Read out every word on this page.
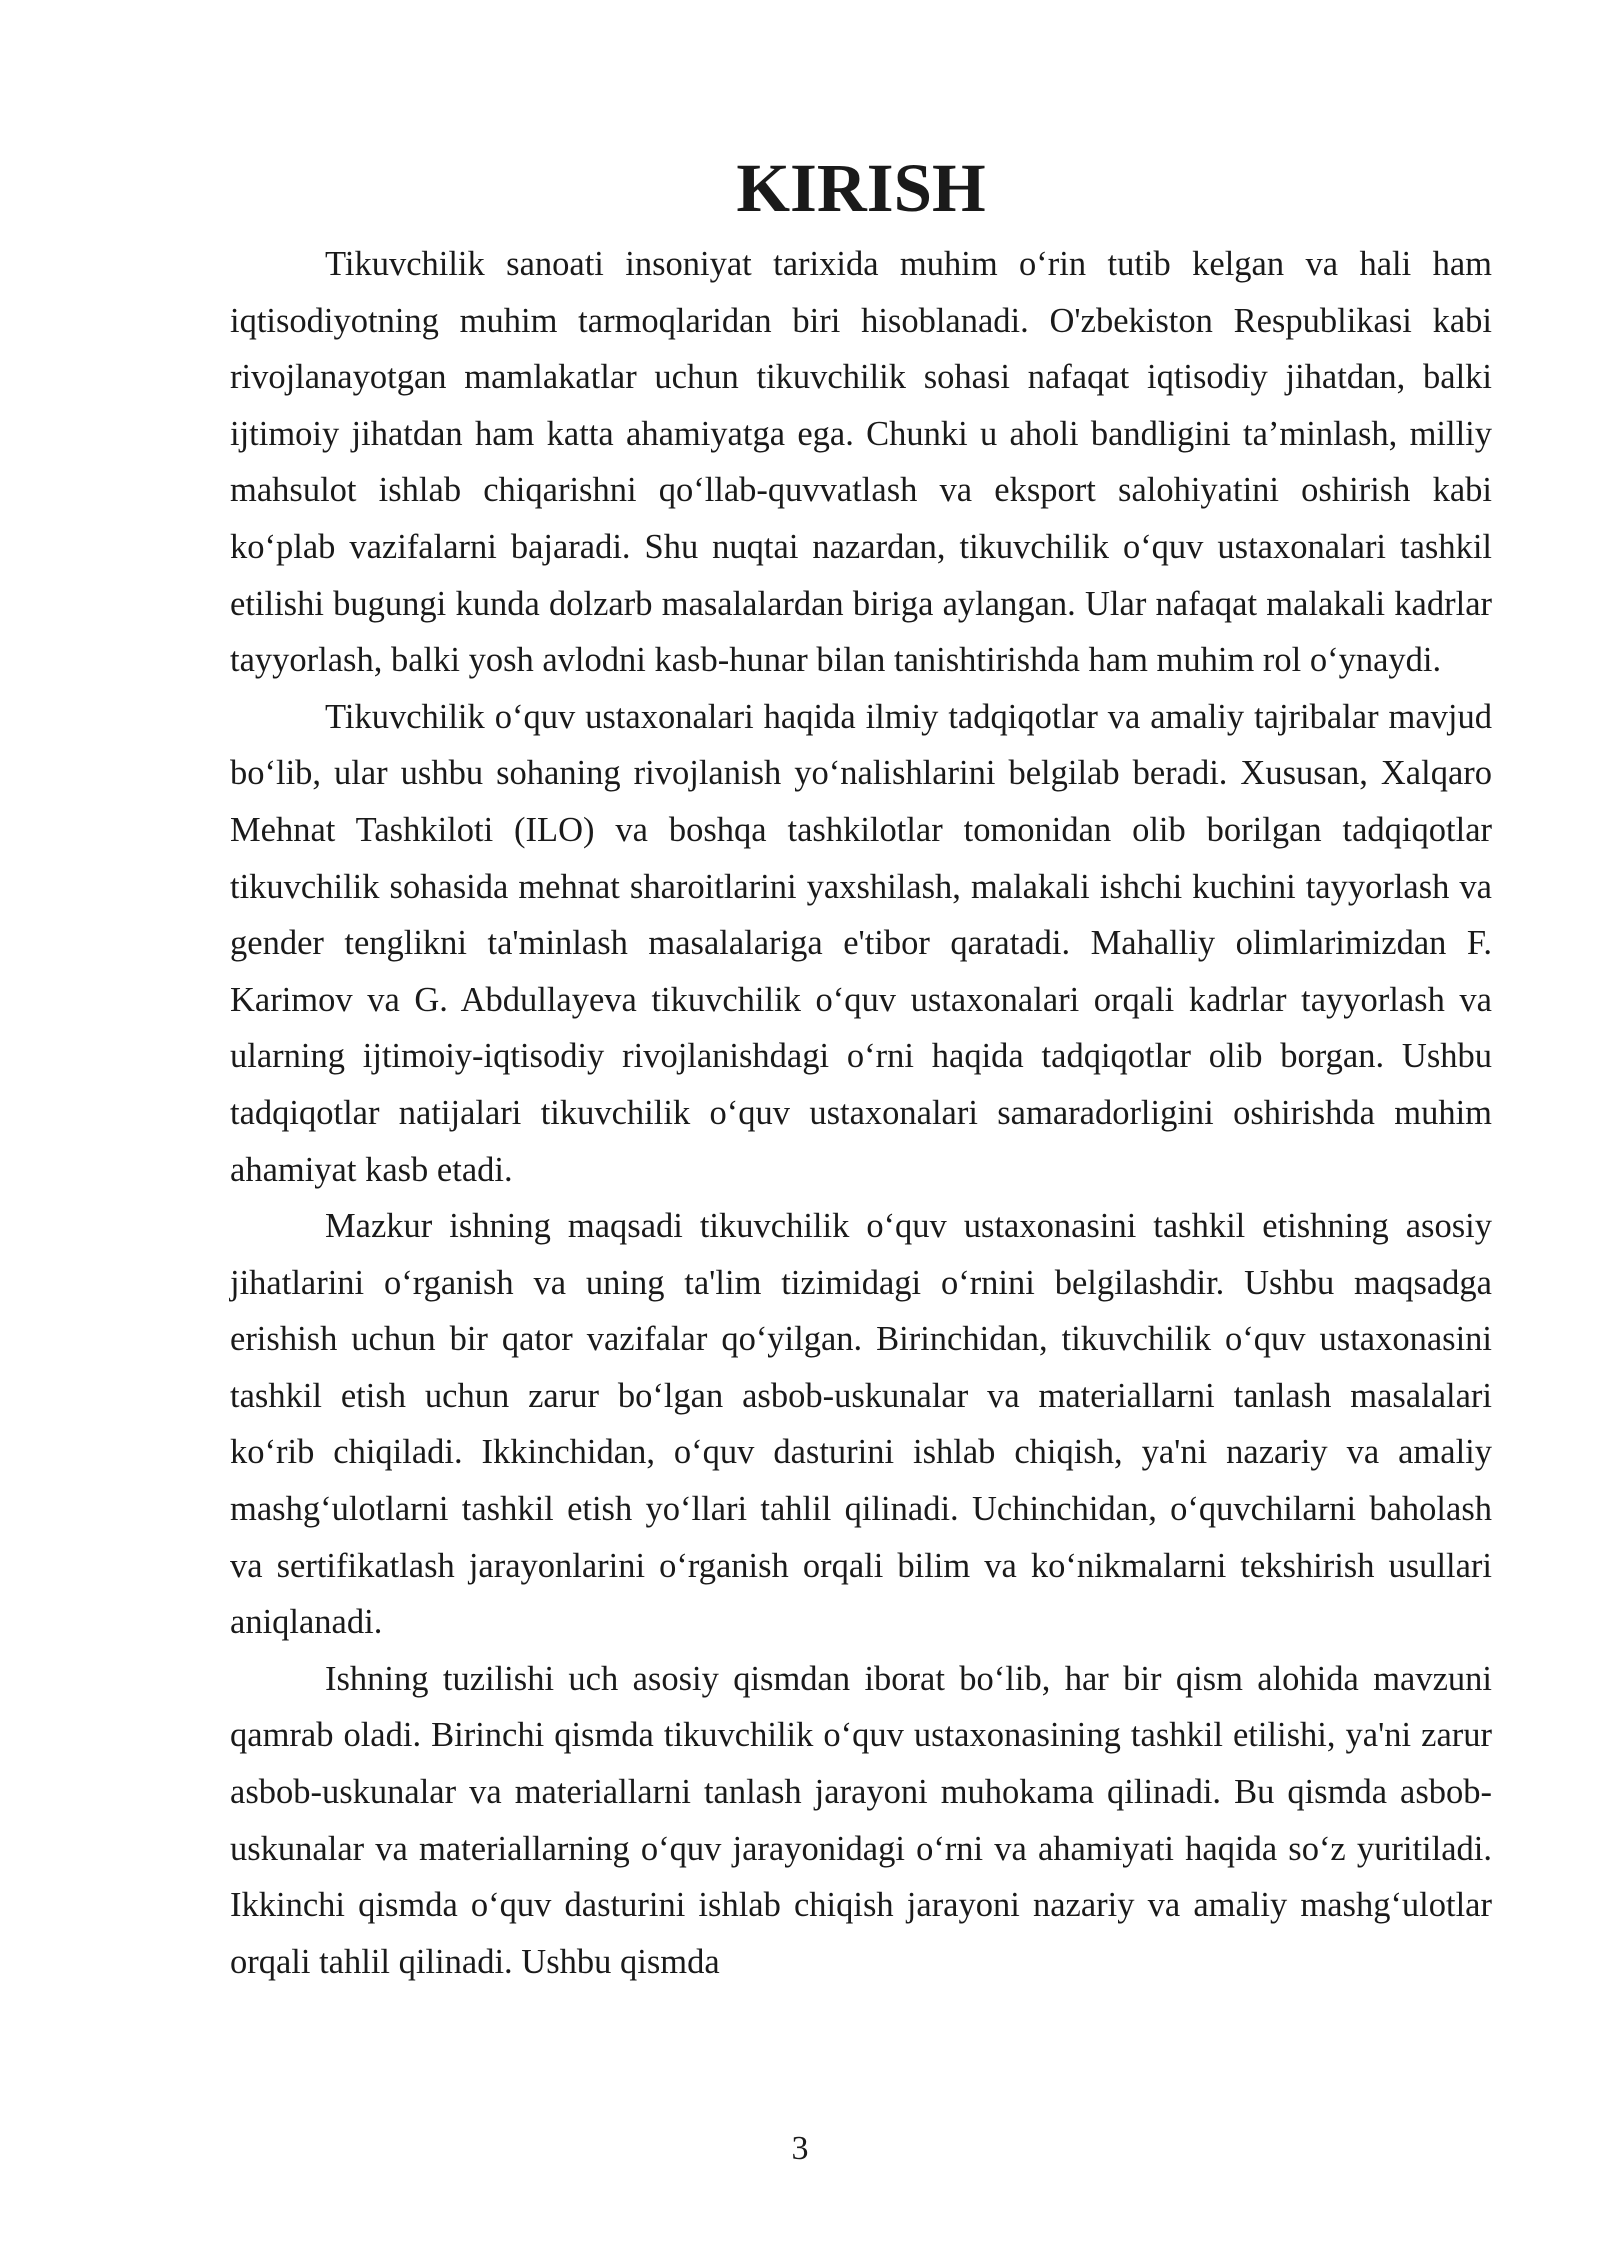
KIRISH

Tikuvchilik sanoati insoniyat tarixida muhim o‘rin tutib kelgan va hali ham iqtisodiyotning muhim tarmoqlaridan biri hisoblanadi. O'zbekiston Respublikasi kabi rivojlanayotgan mamlakatlar uchun tikuvchilik sohasi nafaqat iqtisodiy jihatdan, balki ijtimoiy jihatdan ham katta ahamiyatga ega. Chunki u aholi bandligini ta’minlash, milliy mahsulot ishlab chiqarishni qo‘llab-quvvatlash va eksport salohiyatini oshirish kabi ko‘plab vazifalarni bajaradi. Shu nuqtai nazardan, tikuvchilik o‘quv ustaxonalari tashkil etilishi bugungi kunda dolzarb masalalardan biriga aylangan. Ular nafaqat malakali kadrlar tayyorlash, balki yosh avlodni kasb-hunar bilan tanishtirishda ham muhim rol o‘ynaydi.

Tikuvchilik o‘quv ustaxonalari haqida ilmiy tadqiqotlar va amaliy tajribalar mavjud bo‘lib, ular ushbu sohaning rivojlanish yo‘nalishlarini belgilab beradi. Xususan, Xalqaro Mehnat Tashkiloti (ILO) va boshqa tashkilotlar tomonidan olib borilgan tadqiqotlar tikuvchilik sohasida mehnat sharoitlarini yaxshilash, malakali ishchi kuchini tayyorlash va gender tenglikni ta'minlash masalalariga e'tibor qaratadi. Mahalliy olimlarimizdan F. Karimov va G. Abdullayeva tikuvchilik o‘quv ustaxonalari orqali kadrlar tayyorlash va ularning ijtimoiy-iqtisodiy rivojlanishdagi o‘rni haqida tadqiqotlar olib borgan. Ushbu tadqiqotlar natijalari tikuvchilik o‘quv ustaxonalari samaradorligini oshirishda muhim ahamiyat kasb etadi.

Mazkur ishning maqsadi tikuvchilik o‘quv ustaxonasini tashkil etishning asosiy jihatlarini o‘rganish va uning ta'lim tizimidagi o‘rnini belgilashdir. Ushbu maqsadga erishish uchun bir qator vazifalar qo‘yilgan. Birinchidan, tikuvchilik o‘quv ustaxonasini tashkil etish uchun zarur bo‘lgan asbob-uskunalar va materiallarni tanlash masalalari ko‘rib chiqiladi. Ikkinchidan, o‘quv dasturini ishlab chiqish, ya'ni nazariy va amaliy mashg‘ulotlarni tashkil etish yo‘llari tahlil qilinadi. Uchinchidan, o‘quvchilarni baholash va sertifikatlash jarayonlarini o‘rganish orqali bilim va ko‘nikmalarni tekshirish usullari aniqlanadi.

Ishning tuzilishi uch asosiy qismdan iborat bo‘lib, har bir qism alohida mavzuni qamrab oladi. Birinchi qismda tikuvchilik o‘quv ustaxonasining tashkil etilishi, ya'ni zarur asbob-uskunalar va materiallarni tanlash jarayoni muhokama qilinadi. Bu qismda asbob-uskunalar va materiallarning o‘quv jarayonidagi o‘rni va ahamiyati haqida so‘z yuritiladi. Ikkinchi qismda o‘quv dasturini ishlab chiqish jarayoni nazariy va amaliy mashg‘ulotlar orqali tahlil qilinadi. Ushbu qismda

3
